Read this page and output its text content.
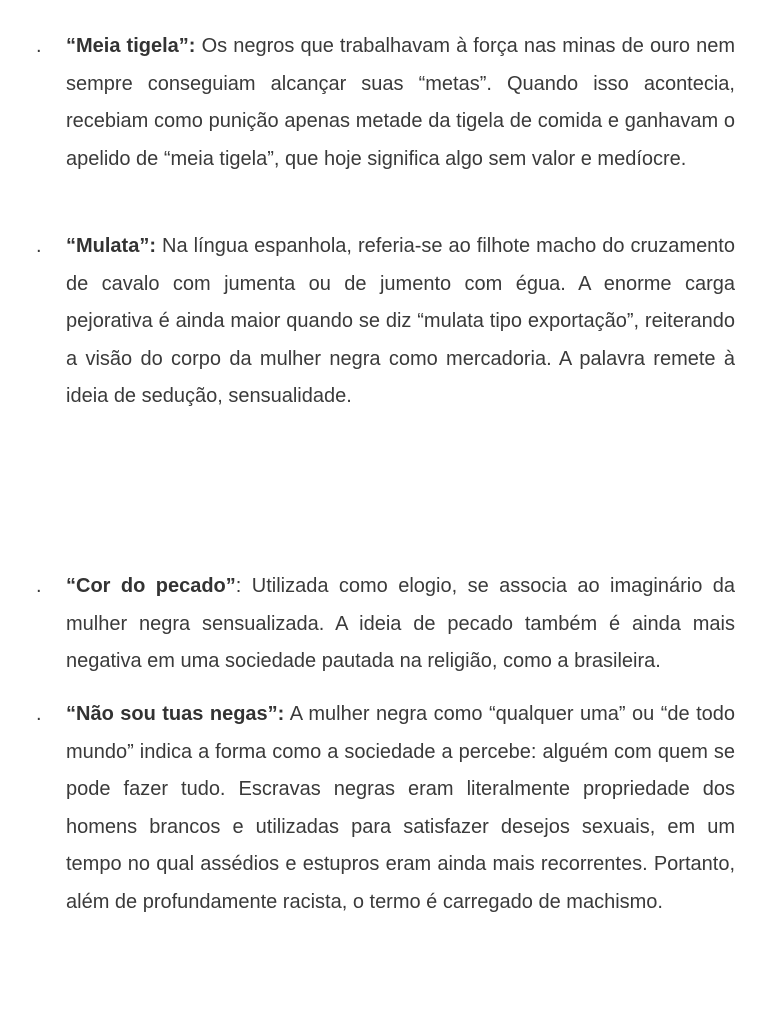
. “Meia tigela”: Os negros que trabalhavam à força nas minas de ouro nem sempre conseguiam alcançar suas “metas”. Quando isso acontecia, recebiam como punição apenas metade da tigela de comida e ganhavam o apelido de “meia tigela”, que hoje significa algo sem valor e medíocre.

. “Mulata”: Na língua espanhola, referia-se ao filhote macho do cruzamento de cavalo com jumenta ou de jumento com égua. A enorme carga pejorativa é ainda maior quando se diz “mulata tipo exportação”, reiterando a visão do corpo da mulher negra como mercadoria. A palavra remete à ideia de sedução, sensualidade.

. “Cor do pecado”: Utilizada como elogio, se associa ao imaginário da mulher negra sensualizada. A ideia de pecado também é ainda mais negativa em uma sociedade pautada na religião, como a brasileira.

. “Não sou tuas negas”: A mulher negra como “qualquer uma” ou “de todo mundo” indica a forma como a sociedade a percebe: alguém com quem se pode fazer tudo. Escravas negras eram literalmente propriedade dos homens brancos e utilizadas para satisfazer desejos sexuais, em um tempo no qual assédios e estupros eram ainda mais recorrentes. Portanto, além de profundamente racista, o termo é carregado de machismo.
